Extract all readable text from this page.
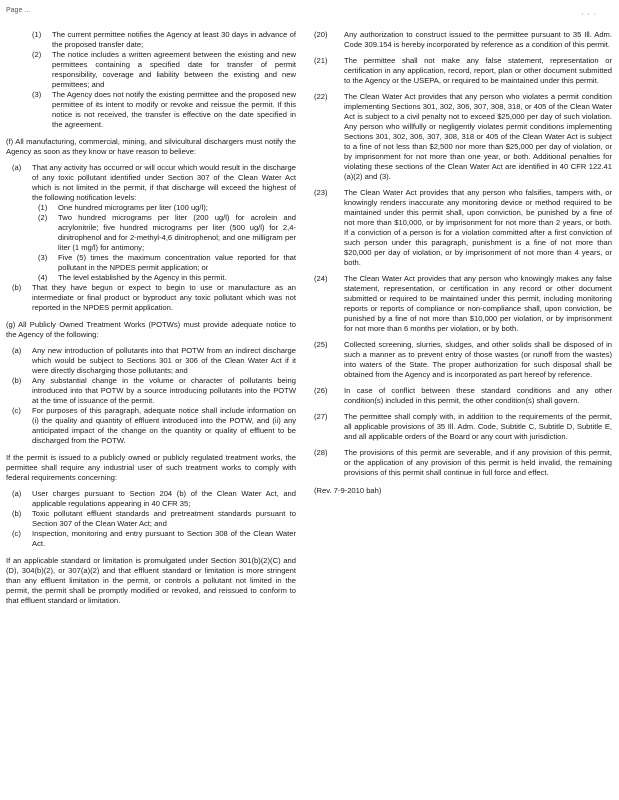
Page ...
· · ·
(1)	The current permittee notifies the Agency at least 30 days in advance of the proposed transfer date;
(2)	The notice includes a written agreement between the existing and new permittees containing a specified date for transfer of permit responsibility, coverage and liability between the existing and new permittees; and
(3)	The Agency does not notify the existing permittee and the proposed new permittee of its intent to modify or revoke and reissue the permit. If this notice is not received, the transfer is effective on the date specified in the agreement.
(f) All manufacturing, commercial, mining, and silvicultural dischargers must notify the Agency as soon as they know or have reason to believe:
(a)	That any activity has occurred or will occur which would result in the discharge of any toxic pollutant identified under Section 307 of the Clean Water Act which is not limited in the permit, if that discharge will exceed the highest of the following notification levels:
(1)	One hundred micrograms per liter (100 ug/l);
(2)	Two hundred micrograms per liter (200 ug/l) for acrolein and acrylonitrile; five hundred micrograms per liter (500 ug/l) for 2,4-dinitrophenol and for 2-methyl-4,6 dinitrophenol; and one milligram per liter (1 mg/l) for antimony;
(3)	Five (5) times the maximum concentration value reported for that pollutant in the NPDES permit application; or
(4)	The level established by the Agency in this permit.
(b)	That they have begun or expect to begin to use or manufacture as an intermediate or final product or byproduct any toxic pollutant which was not reported in the NPDES permit application.
(g) All Publicly Owned Treatment Works (POTWs) must provide adequate notice to the Agency of the following:
(a)	Any new introduction of pollutants into that POTW from an indirect discharge which would be subject to Sections 301 or 306 of the Clean Water Act if it were directly discharging those pollutants; and
(b)	Any substantial change in the volume or character of pollutants being introduced into that POTW by a source introducing pollutants into the POTW at the time of issuance of the permit.
(c)	For purposes of this paragraph, adequate notice shall include information on (i) the quality and quantity of effluent introduced into the POTW, and (ii) any anticipated impact of the change on the quantity or quality of effluent to be discharged from the POTW.
If the permit is issued to a publicly owned or publicly regulated treatment works, the permittee shall require any industrial user of such treatment works to comply with federal requirements concerning:
(a)	User charges pursuant to Section 204 (b) of the Clean Water Act, and applicable regulations appearing in 40 CFR 35;
(b)	Toxic pollutant effluent standards and pretreatment standards pursuant to Section 307 of the Clean Water Act; and
(c)	Inspection, monitoring and entry pursuant to Section 308 of the Clean Water Act.
If an applicable standard or limitation is promulgated under Section 301(b)(2)(C) and (D), 304(b)(2), or 307(a)(2) and that effluent standard or limitation is more stringent than any effluent limitation in the permit, or controls a pollutant not limited in the permit, the permit shall be promptly modified or revoked, and reissued to conform to that effluent standard or limitation.
(20)	Any authorization to construct issued to the permittee pursuant to 35 Ill. Adm. Code 309.154 is hereby incorporated by reference as a condition of this permit.
(21)	The permittee shall not make any false statement, representation or certification in any application, record, report, plan or other document submitted to the Agency or the USEPA, or required to be maintained under this permit.
(22)	The Clean Water Act provides that any person who violates a permit condition implementing Sections 301, 302, 306, 307, 308, 318, or 405 of the Clean Water Act is subject to a civil penalty not to exceed $25,000 per day of such violation. Any person who willfully or negligently violates permit conditions implementing Sections 301, 302, 306, 307, 308, 318 or 405 of the Clean Water Act is subject to a fine of not less than $2,500 nor more than $25,000 per day of violation, or by imprisonment for not more than one year, or both. Additional penalties for violating these sections of the Clean Water Act are identified in 40 CFR 122.41 (a)(2) and (3).
(23)	The Clean Water Act provides that any person who falsifies, tampers with, or knowingly renders inaccurate any monitoring device or method required to be maintained under this permit shall, upon conviction, be punished by a fine of not more than $10,000, or by imprisonment for not more than 2 years, or both. If a conviction of a person is for a violation committed after a first conviction of such person under this paragraph, punishment is a fine of not more than $20,000 per day of violation, or by imprisonment of not more than 4 years, or both.
(24)	The Clean Water Act provides that any person who knowingly makes any false statement, representation, or certification in any record or other document submitted or required to be maintained under this permit, including monitoring reports or reports of compliance or non-compliance shall, upon conviction, be punished by a fine of not more than $10,000 per violation, or by imprisonment for not more than 6 months per violation, or by both.
(25)	Collected screening, slurries, sludges, and other solids shall be disposed of in such a manner as to prevent entry of those wastes (or runoff from the wastes) into waters of the State. The proper authorization for such disposal shall be obtained from the Agency and is incorporated as part hereof by reference.
(26)	In case of conflict between these standard conditions and any other condition(s) included in this permit, the other condition(s) shall govern.
(27)	The permittee shall comply with, in addition to the requirements of the permit, all applicable provisions of 35 Ill. Adm. Code, Subtitle C, Subtitle D, Subtitle E, and all applicable orders of the Board or any court with jurisdiction.
(28)	The provisions of this permit are severable, and if any provision of this permit, or the application of any provision of this permit is held invalid, the remaining provisions of this permit shall continue in full force and effect.
(Rev. 7-9-2010 bah)
